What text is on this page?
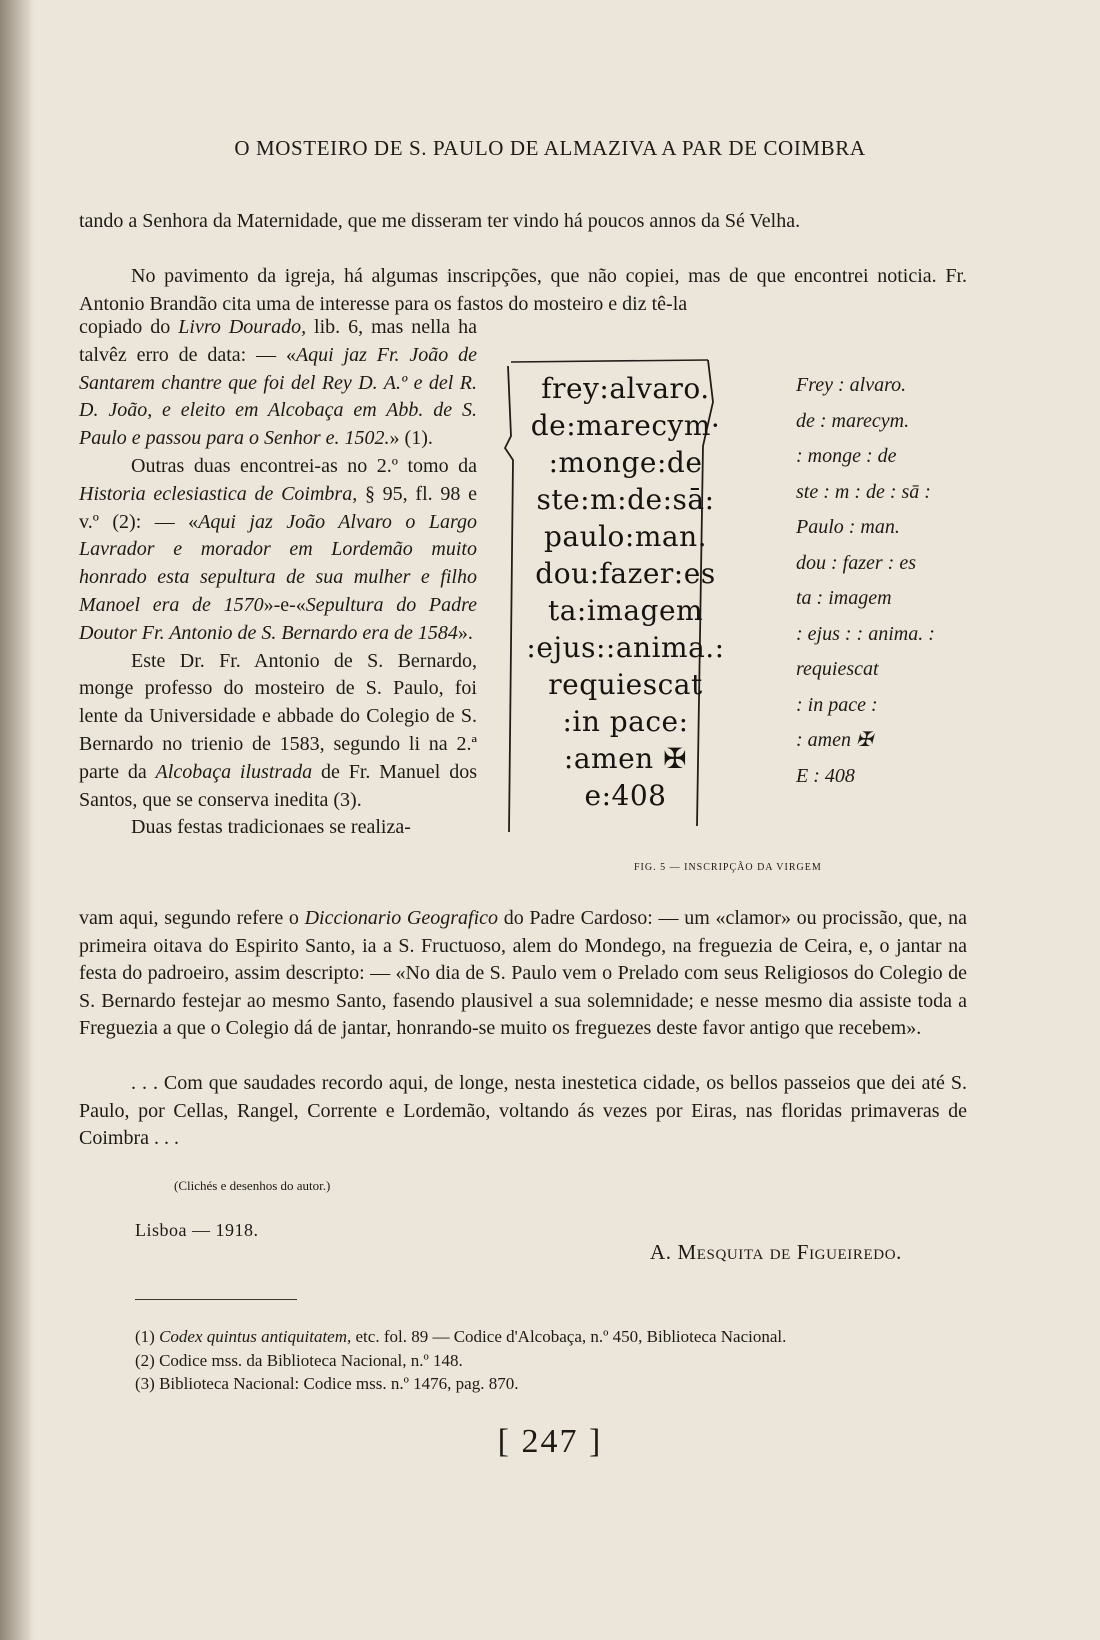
O MOSTEIRO DE S. PAULO DE ALMAZIVA A PAR DE COIMBRA

tando a Senhora da Maternidade, que me disseram ter vindo há poucos annos da Sé Velha.

No pavimento da igreja, há algumas inscripções, que não copiei, mas de que encontrei noticia. Fr. Antonio Brandão cita uma de interesse para os fastos do mosteiro e diz tê-la

copiado do Livro Dourado, lib. 6, mas nella ha talvêz erro de data: — «Aqui jaz Fr. João de Santarem chantre que foi del Rey D. A.º e del R. D. João, e eleito em Alcobaça em Abb. de S. Paulo e passou para o Senhor e. 1502.» (1).

Outras duas encontrei-as no 2.º tomo da Historia eclesiastica de Coimbra, § 95, fl. 98 e v.º (2): — «Aqui jaz João Alvaro o Largo Lavrador e morador em Lordemão muito honrado esta sepultura de sua mulher e filho Manoel era de 1570»-e-«Sepultura do Padre Doutor Fr. Antonio de S. Bernardo era de 1584».

Este Dr. Fr. Antonio de S. Bernardo, monge professo do mosteiro de S. Paulo, foi lente da Universidade e abbade do Colegio de S. Bernardo no trienio de 1583, segundo li na 2.ª parte da Alcobaça ilustrada de Fr. Manuel dos Santos, que se conserva inedita (3).

Duas festas tradicionaes se realiza-

frey:alvaro.
de:marecym·
:monge:de
ste:m:de:sā:
paulo:man.
dou:fazer:es
ta:imagem
:ejus::anima.:
requiescat
:in pace:
:amen ✠
e:408
Frey : alvaro.
de : marecym.
: monge : de
ste : m : de : sā :
Paulo : man.
dou : fazer : es
ta : imagem
: ejus : : anima. :
requiescat
: in pace :
: amen ✠
E : 408
FIG. 5 — INSCRIPÇÃO DA VIRGEM

vam aqui, segundo refere o Diccionario Geografico do Padre Cardoso: — um «clamor» ou procissão, que, na primeira oitava do Espirito Santo, ia a S. Fructuoso, alem do Mondego, na freguezia de Ceira, e, o jantar na festa do padroeiro, assim descripto: — «No dia de S. Paulo vem o Prelado com seus Religiosos do Colegio de S. Bernardo festejar ao mesmo Santo, fasendo plausivel a sua solemnidade; e nesse mesmo dia assiste toda a Freguezia a que o Colegio dá de jantar, honrando-se muito os freguezes deste favor antigo que recebem».

. . . Com que saudades recordo aqui, de longe, nesta inestetica cidade, os bellos passeios que dei até S. Paulo, por Cellas, Rangel, Corrente e Lordemão, voltando ás vezes por Eiras, nas floridas primaveras de Coimbra . . .

(Clichés e desenhos do autor.)
Lisboa — 1918.
A. Mesquita de Figueiredo.
(1) Codex quintus antiquitatem, etc. fol. 89 — Codice d'Alcobaça, n.º 450, Biblioteca Nacional.
(2) Codice mss. da Biblioteca Nacional, n.º 148.
(3) Biblioteca Nacional: Codice mss. n.º 1476, pag. 870.
[ 247 ]
